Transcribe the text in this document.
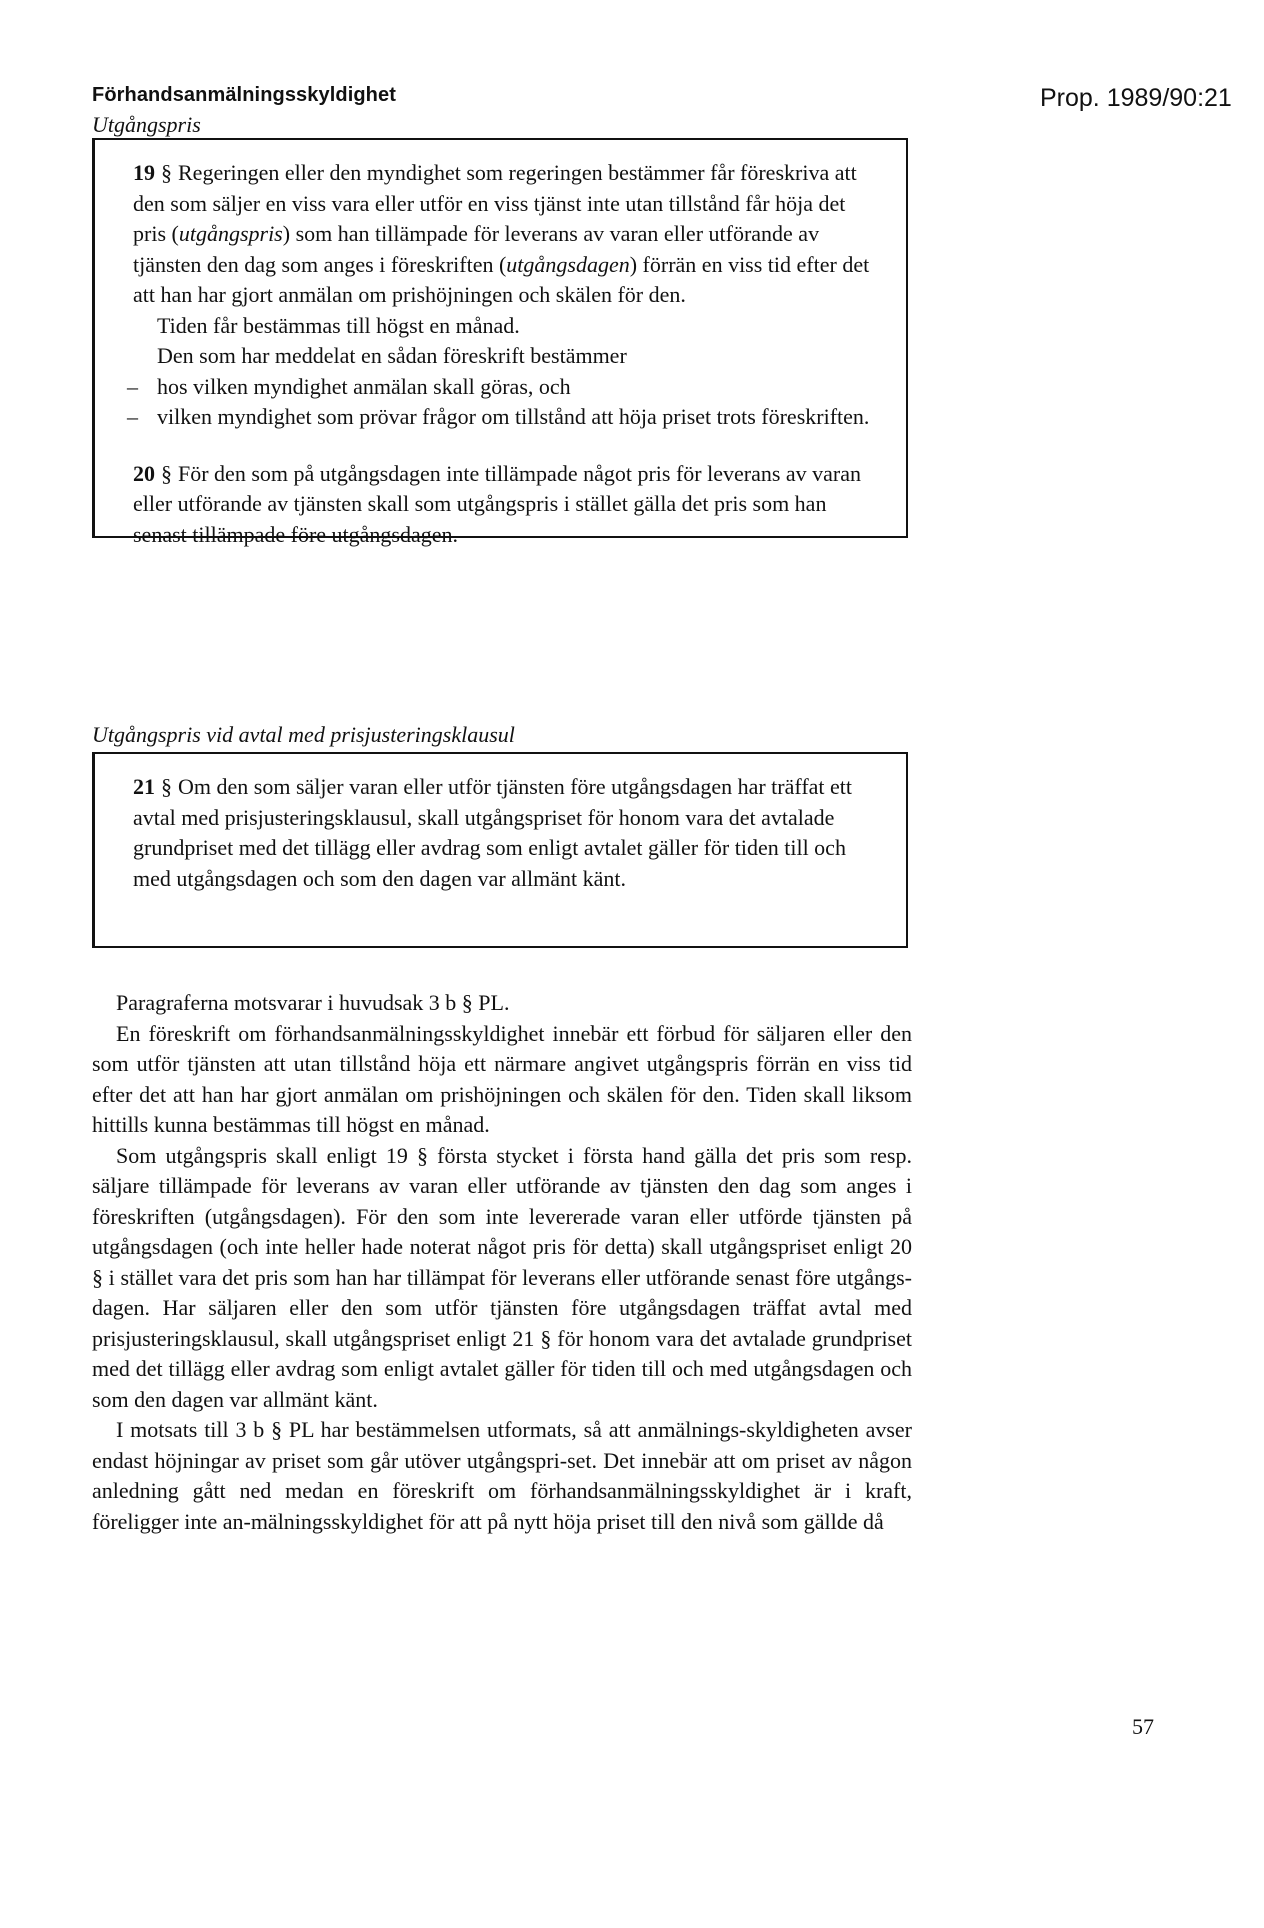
Förhandsanmälningsskyldighet	Prop. 1989/90:21
Utgångspris

19 § Regeringen eller den myndighet som regeringen bestämmer får föreskriva att den som säljer en viss vara eller utför en viss tjänst inte utan tillstånd får höja det pris (utgångspris) som han tillämpade för leverans av varan eller utförande av tjänsten den dag som anges i föreskriften (utgångsdagen) förrän en viss tid efter det att han har gjort anmälan om prishöjningen och skälen för den.

Tiden får bestämmas till högst en månad.

Den som har meddelat en sådan föreskrift bestämmer

– hos vilken myndighet anmälan skall göras, och

– vilken myndighet som prövar frågor om tillstånd att höja priset trots föreskriften.

20 § För den som på utgångsdagen inte tillämpade något pris för leverans av varan eller utförande av tjänsten skall som utgångspris i stället gälla det pris som han senast tillämpade före utgångsdagen.

Utgångspris vid avtal med prisjusteringsklausul

21 § Om den som säljer varan eller utför tjänsten före utgångsdagen har träffat ett avtal med prisjusteringsklausul, skall utgångspriset för honom vara det avtalade grundpriset med det tillägg eller avdrag som enligt avtalet gäller för tiden till och med utgångsdagen och som den dagen var allmänt känt.

Paragraferna motsvarar i huvudsak 3 b § PL.

En föreskrift om förhandsanmälningsskyldighet innebär ett förbud för säljaren eller den som utför tjänsten att utan tillstånd höja ett närmare angivet utgångspris förrän en viss tid efter det att han har gjort anmälan om prishöjningen och skälen för den. Tiden skall liksom hittills kunna bestämmas till högst en månad.

Som utgångspris skall enligt 19 § första stycket i första hand gälla det pris som resp. säljare tillämpade för leverans av varan eller utförande av tjänsten den dag som anges i föreskriften (utgångsdagen). För den som inte levererade varan eller utförde tjänsten på utgångsdagen (och inte heller hade noterat något pris för detta) skall utgångspriset enligt 20 § i stället vara det pris som han har tillämpat för leverans eller utförande senast före utgångs-dagen. Har säljaren eller den som utför tjänsten före utgångsdagen träffat avtal med prisjusteringsklausul, skall utgångspriset enligt 21 § för honom vara det avtalade grundpriset med det tillägg eller avdrag som enligt avtalet gäller för tiden till och med utgångsdagen och som den dagen var allmänt känt.

I motsats till 3 b § PL har bestämmelsen utformats, så att anmälnings-skyldigheten avser endast höjningar av priset som går utöver utgångspri-set. Det innebär att om priset av någon anledning gått ned medan en föreskrift om förhandsanmälningsskyldighet är i kraft, föreligger inte an-mälningsskyldighet för att på nytt höja priset till den nivå som gällde då

57
